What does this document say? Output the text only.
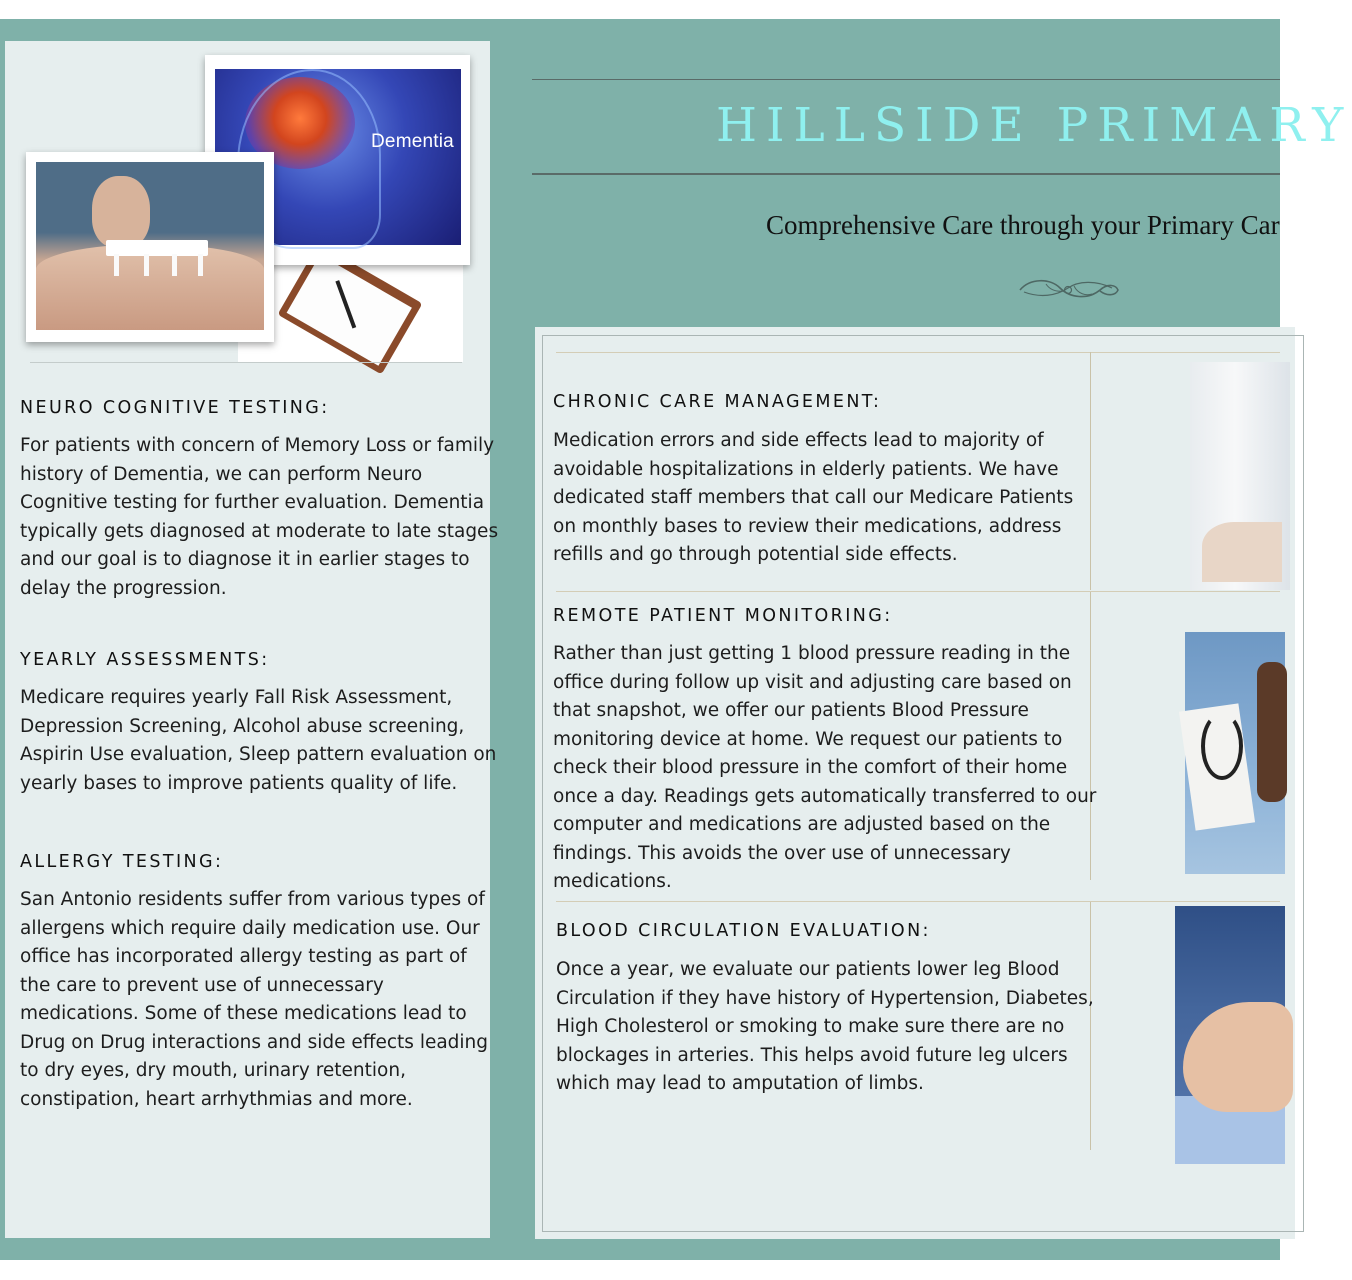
Dementia
NEURO COGNITIVE TESTING:
For patients with concern of Memory Loss or family
history of Dementia, we can perform Neuro
Cognitive testing for further evaluation. Dementia
typically gets diagnosed at moderate to late stages
and our goal is to diagnose it in earlier stages to
delay the progression.
YEARLY ASSESSMENTS:
Medicare requires yearly Fall Risk Assessment,
Depression Screening, Alcohol abuse screening,
Aspirin Use evaluation, Sleep pattern evaluation on
yearly bases to improve patients quality of life.
ALLERGY TESTING:
San Antonio residents suffer from various types of
allergens which require daily medication use. Our
office has incorporated allergy testing as part of
the care to prevent use of unnecessary
medications. Some of these medications lead to
Drug on Drug interactions and side effects leading
to dry eyes, dry mouth, urinary retention,
constipation, heart arrhythmias and more.
HILLSIDE PRIMARY
Comprehensive Care through your Primary Car
CHRONIC CARE MANAGEMENT:
Medication errors and side effects lead to majority of
avoidable hospitalizations in elderly patients. We have
dedicated staff members that call our Medicare Patients
on monthly bases to review their medications, address
refills and go through potential side effects.
REMOTE PATIENT MONITORING:
Rather than just getting 1 blood pressure reading in the
office during follow up visit and adjusting care based on
that snapshot, we offer our patients Blood Pressure
monitoring device at home. We request our patients to
check their blood pressure in the comfort of their home
once a day. Readings gets automatically transferred to our
computer and medications are adjusted based on the
findings. This avoids the over use of unnecessary
medications.
BLOOD CIRCULATION EVALUATION:
Once a year, we evaluate our patients lower leg Blood
Circulation if they have history of Hypertension, Diabetes,
High Cholesterol or smoking to make sure there are no
blockages in arteries. This helps avoid future leg ulcers
which may lead to amputation of limbs.
